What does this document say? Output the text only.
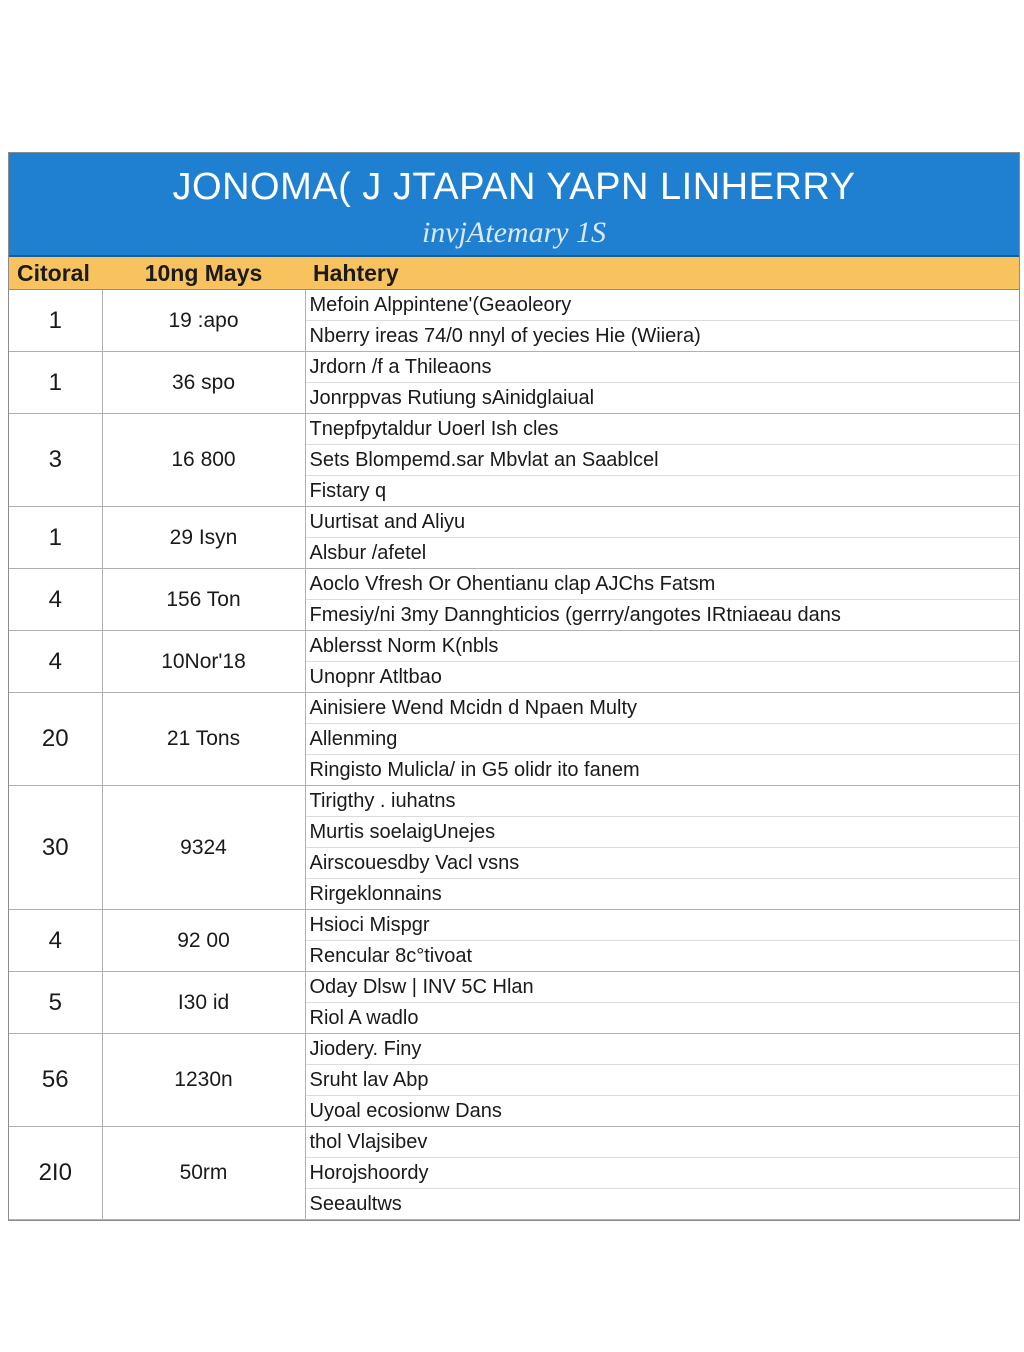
JONOMA( J JTAPAN YAPN LINHERRY
invjAtemary 1S
Citoral	10ng Mays	Hahtery
1	19 :apo	Mefoin Alppintene'(Geaoleory
Nberry ireas 74/0 nnyl of yecies Hie (Wiiera)

1	36 spo	Jrdorn /f a Thileaons
Jonrppvas Rutiung sAinidglaiual

3	16 800	Tnepfpytaldur Uoerl Ish cles
Sets Blompemd.sar Mbvlat an Saablcel
Fistary q

1	29 Isyn	Uurtisat and Aliyu
Alsbur /afetel

4	156 Ton	Aoclo Vfresh Or Ohentianu clap AJChs Fatsm
Fmesiy/ni 3my Dannghticios (gerrry/angotes IRtniaeau dans

4	10Nor'18	Ablersst Norm K(nbls
Unopnr Atltbao

20	21 Tons	Ainisiere Wend Mcidn d Npaen Multy
Allenming
Ringisto Mulicla/ in G5 olidr ito fanem

30	9324	Tirigthy . iuhatns
Murtis soelaigUnejes
Airscouesdby Vacl vsns
Rirgeklonnains

4	92 00	Hsioci Mispgr
Rencular 8c°tivoat

5	I30 id	Oday Dlsw | INV 5C Hlan
Riol A wadlo

56	1230n	Jiodery. Finy
Sruht lav Abp
Uyoal ecosionw Dans

2I0	50rm	thol Vlajsibev
Horojshoordy
Seeaultws
